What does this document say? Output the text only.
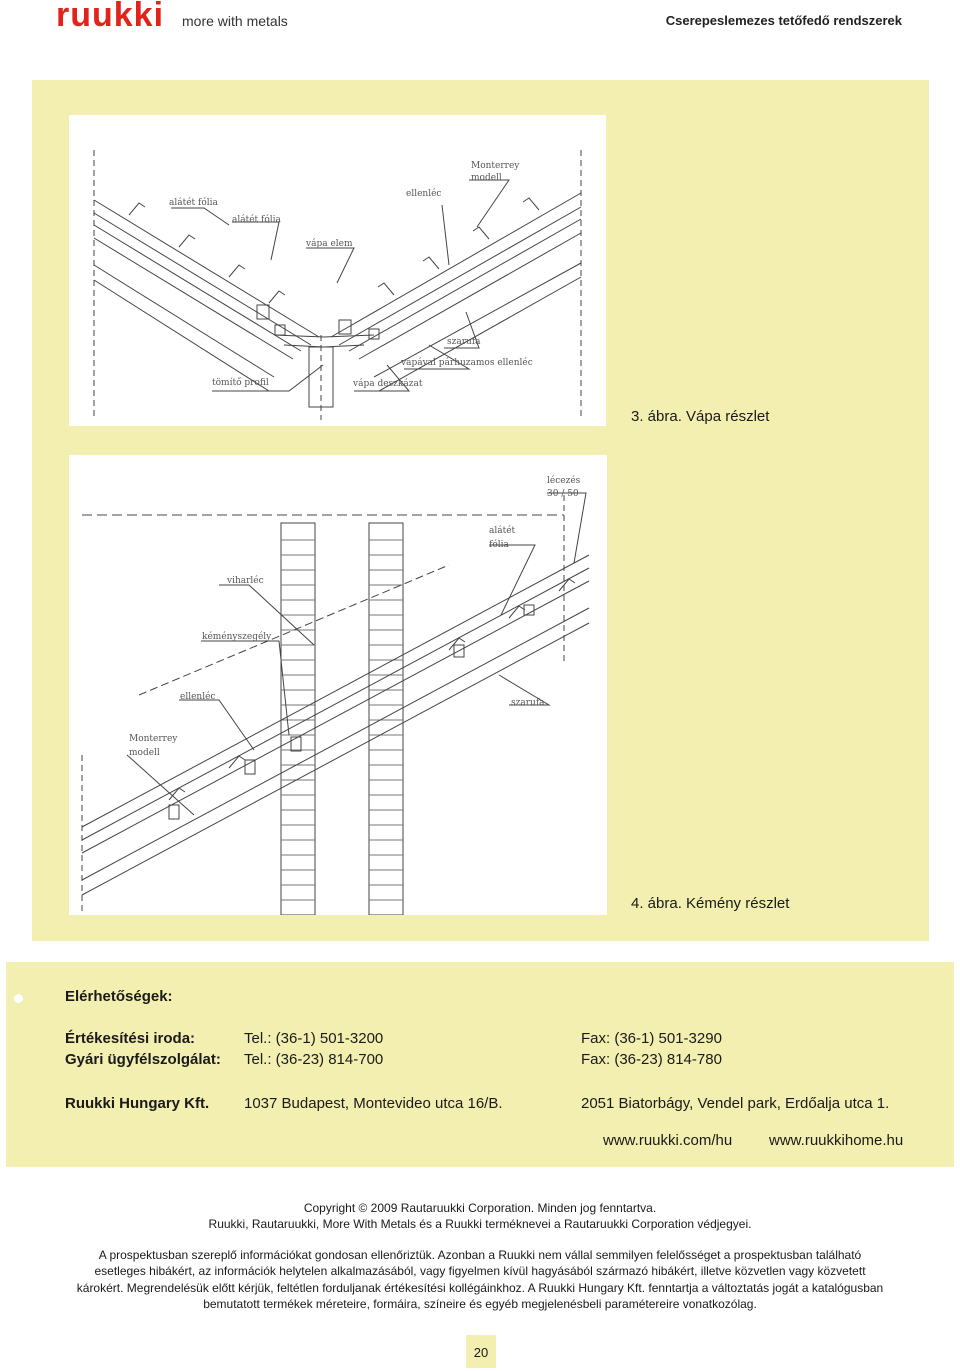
ruukki more with metals	Cserepeslemezes tetőfedő rendszerek
alátét fólia
alátét fólia
vápa elem
ellenléc
Monterrey
modell
szarufa
vápával párhuzamos ellenléc
tömítő profil	vápa deszkázat
3. ábra. Vápa részlet
lécezés
30 / 50
alátét
fólia
viharléc
kéményszegély
ellenléc
szarufa
Monterrey
modell
4. ábra. Kémény részlet
Elérhetőségek:
Értékesítési iroda:	Tel.: (36-1) 501-3200	Fax: (36-1) 501-3290
Gyári ügyfélszolgálat: Tel.: (36-23) 814-700	Fax: (36-23) 814-780
Ruukki Hungary Kft. 1037 Budapest, Montevideo utca 16/B.	2051 Biatorbágy, Vendel park, Erdőalja utca 1.
www.ruukki.com/hu www.ruukkihome.hu
Copyright © 2009 Rautaruukki Corporation. Minden jog fenntartva.
Ruukki, Rautaruukki, More With Metals és a Ruukki terméknevei a Rautaruukki Corporation védjegyei.
A prospektusban szereplő információkat gondosan ellenőriztük. Azonban a Ruukki nem vállal semmilyen felelősséget a prospektusban található
esetleges hibákért, az információk helytelen alkalmazásából, vagy figyelmen kívül hagyásából származó hibákért, illetve közvetlen vagy közvetett
károkért. Megrendelésük előtt kérjük, feltétlen forduljanak értékesítési kollégáinkhoz. A Ruukki Hungary Kft. fenntartja a változtatás jogát a katalógusban
bemutatott termékek méreteire, formáira, színeire és egyéb megjelenésbeli paramétereire vonatkozólag.
20
